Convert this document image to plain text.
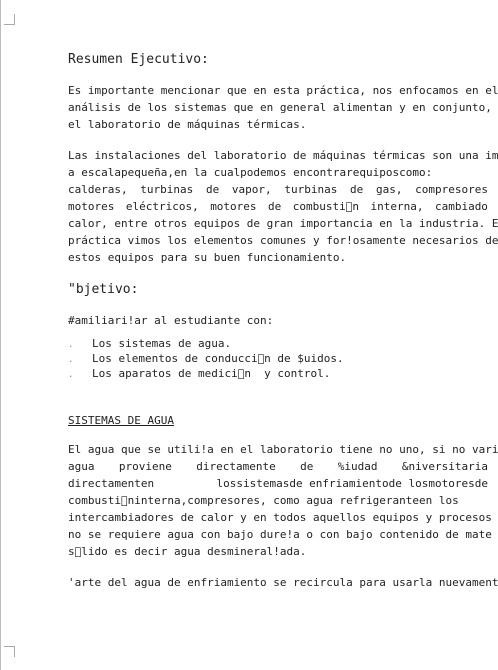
Resumen Ejecutivo:
Es importante mencionar que en esta práctica, nos enfocamos en el
análisis de los sistemas que en general alimentan y en conjunto,
el laboratorio de máquinas térmicas.
Las instalaciones del laboratorio de máquinas térmicas son una im
a escalapequeña,en la cualpodemos encontrarequiposcomo:
calderas, turbinas de vapor, turbinas de gas, compresores
motores eléctricos, motores de combusti n interna, cambiado
calor, entre otros equipos de gran importancia en la industria. E
práctica vimos los elementos comunes y for!osamente necesarios de
estos equipos para su buen funcionamiento.
"bjetivo:
#amiliari!ar al estudiante con:
. Los sistemas de agua.
. Los elementos de conducci n de $uidos.
. Los aparatos de medici n  y control.
SISTEMAS DE AGUA
El agua que se utili!a en el laboratorio tiene no uno, si no vari
agua proviene directamente de %iudad &niversitaria
directamenten	lossistemasde enfriamientode losmotoresde
combusti ninterna,compresores, como agua refrigeranteen los
intercambiadores de calor y en todos aquellos equipos y procesos
no se requiere agua con bajo dure!a o con bajo contenido de mate
s lido es decir agua desmineral!ada.
'arte del agua de enfriamiento se recircula para usarla nuevament
